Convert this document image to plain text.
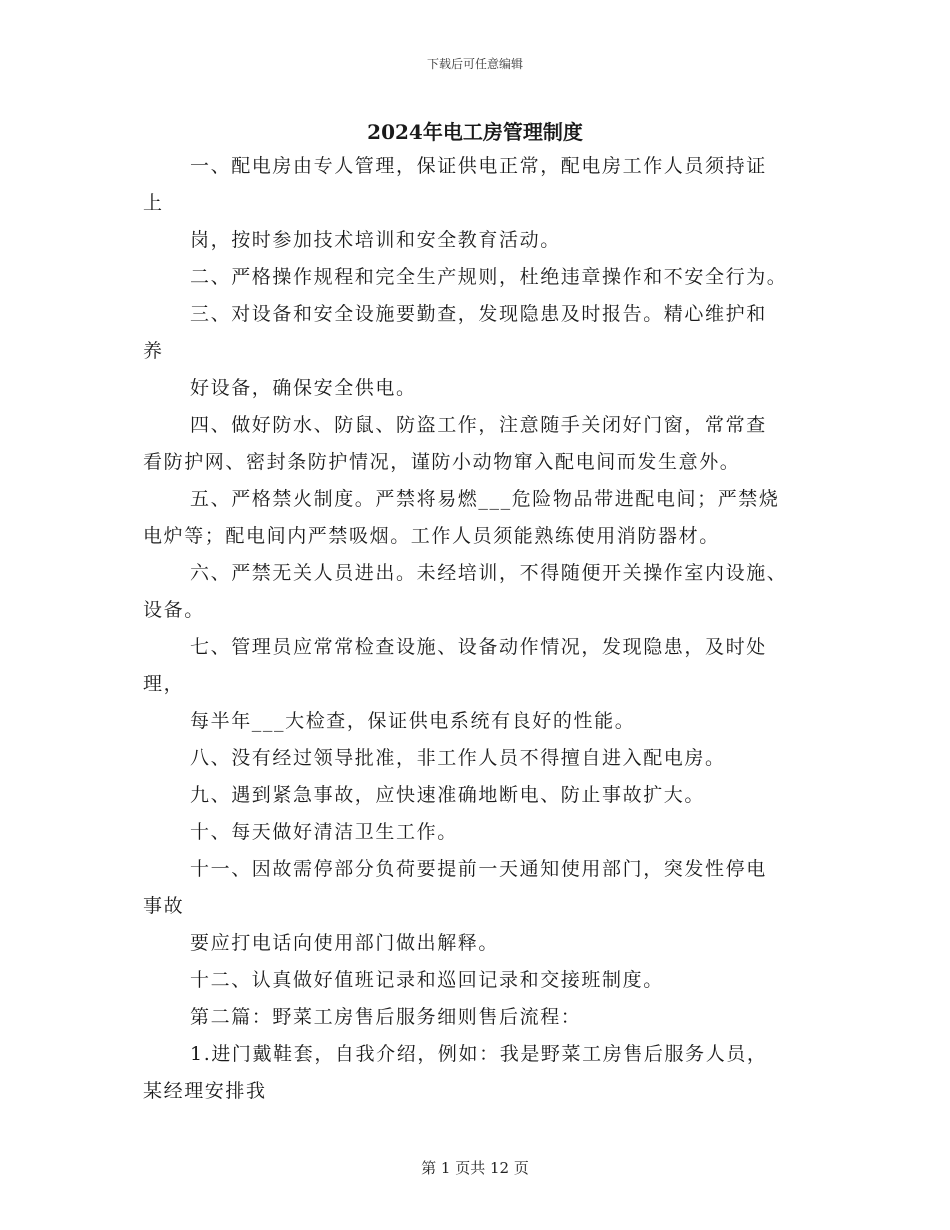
下载后可任意编辑
2024年电工房管理制度
一、配电房由专人管理，保证供电正常，配电房工作人员须持证
上
岗，按时参加技术培训和安全教育活动。
二、严格操作规程和完全生产规则，杜绝违章操作和不安全行为。
三、对设备和安全设施要勤查，发现隐患及时报告。精心维护和
养
好设备，确保安全供电。
四、做好防水、防鼠、防盗工作，注意随手关闭好门窗，常常查
看防护网、密封条防护情况，谨防小动物窜入配电间而发生意外。
五、严格禁火制度。严禁将易燃___危险物品带进配电间；严禁烧
电炉等；配电间内严禁吸烟。工作人员须能熟练使用消防器材。
六、严禁无关人员进出。未经培训，不得随便开关操作室内设施、
设备。
七、管理员应常常检查设施、设备动作情况，发现隐患，及时处
理，
每半年___大检查，保证供电系统有良好的性能。
八、没有经过领导批准，非工作人员不得擅自进入配电房。
九、遇到紧急事故，应快速准确地断电、防止事故扩大。
十、每天做好清洁卫生工作。
十一、因故需停部分负荷要提前一天通知使用部门，突发性停电
事故
要应打电话向使用部门做出解释。
十二、认真做好值班记录和巡回记录和交接班制度。
第二篇：野菜工房售后服务细则售后流程：
1.进门戴鞋套，自我介绍，例如：我是野菜工房售后服务人员，
某经理安排我
第 1 页共 12 页
